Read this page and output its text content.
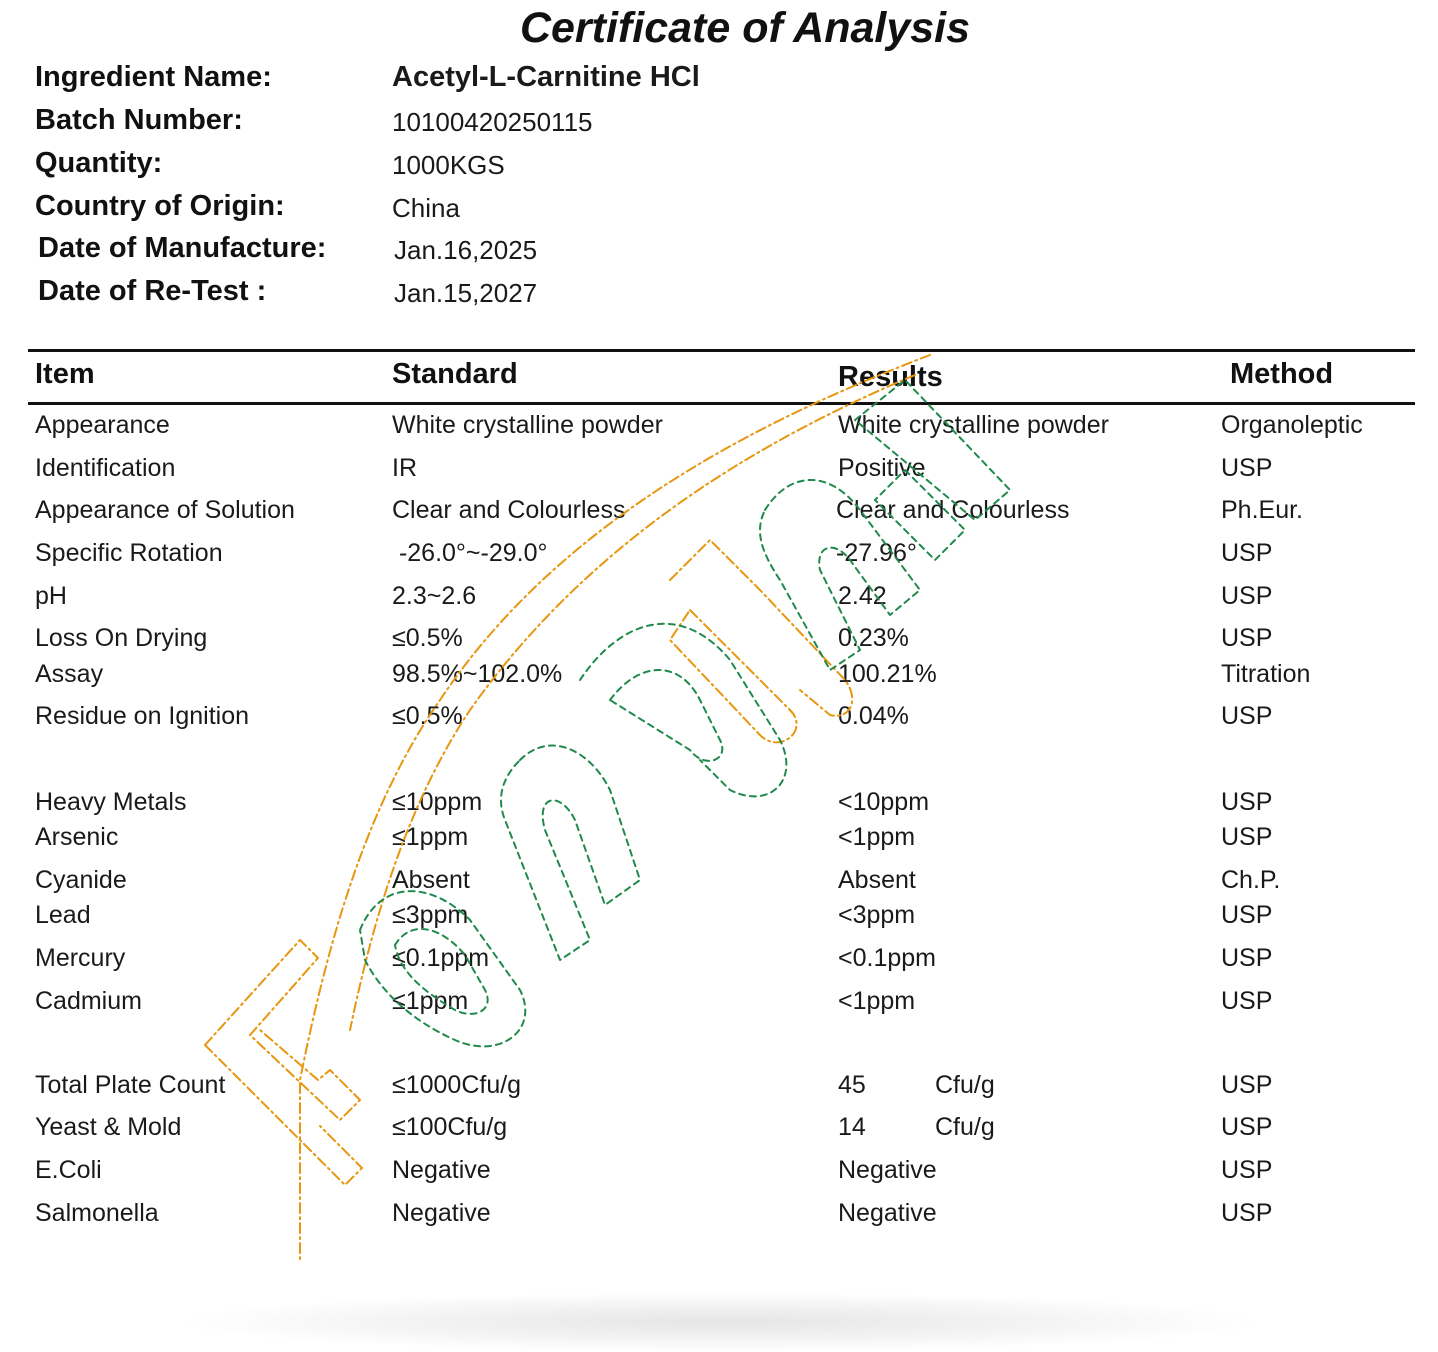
Certificate of Analysis
Ingredient Name:	Acetyl-L-Carnitine HCl
Batch Number:	10100420250115
Quantity:	1000KGS
Country of Origin:	China
Date of Manufacture:	Jan.16,2025
Date of Re-Test :	Jan.15,2027
Item	Standard	Results	Method
Appearance	White crystalline powder	White crystalline powder	Organoleptic
Identification	IR	Positive	USP
Appearance of Solution	Clear and Colourless	Clear and Colourless	Ph.Eur.
Specific Rotation	-26.0°~-29.0°	-27.96°	USP
pH	2.3~2.6	2.42	USP
Loss On Drying	≤0.5%	0.23%	USP
Assay	98.5%~102.0%	100.21%	Titration
Residue on Ignition	≤0.5%	0.04%	USP
Heavy Metals	≤10ppm	<10ppm	USP
Arsenic	≤1ppm	<1ppm	USP
Cyanide	Absent	Absent	Ch.P.
Lead	≤3ppm	<3ppm	USP
Mercury	≤0.1ppm	<0.1ppm	USP
Cadmium	≤1ppm	<1ppm	USP
Total Plate Count	≤1000Cfu/g	45	Cfu/g	USP
Yeast & Mold	≤100Cfu/g	14	Cfu/g	USP
E.Coli	Negative	Negative	USP
Salmonella	Negative	Negative	USP
